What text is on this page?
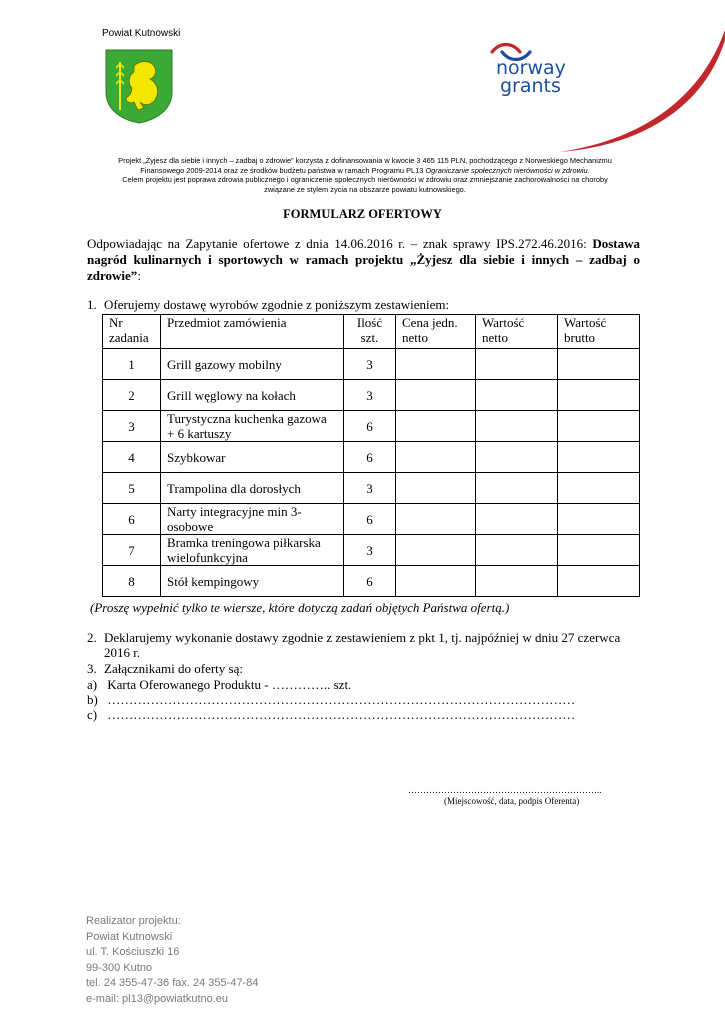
Powiat Kutnowski
norway
grants
Projekt „Żyjesz dla siebie i innych – zadbaj o zdrowie” korzysta z dofinansowania w kwocie 3 465 115 PLN, pochodzącego z Norweskiego Mechanizmu
Finansowego 2009-2014 oraz ze środków budżetu państwa w ramach Programu PL13 Ograniczanie społecznych nierówności w zdrowiu.
Celem projektu jest poprawa zdrowia publicznego i ograniczenie społecznych nierówności w zdrowiu oraz zmniejszanie zachorowalności na choroby
związane ze stylem życia na obszarze powiatu kutnowskiego.
FORMULARZ OFERTOWY
Odpowiadając na Zapytanie ofertowe z dnia 14.06.2016 r. – znak sprawy IPS.272.46.2016: Dostawa nagród kulinarnych i sportowych w ramach projektu „Żyjesz dla siebie i innych – zadbaj o zdrowie”:
1. Oferujemy dostawę wyrobów zgodnie z poniższym zestawieniem:
Nr zadania	Przedmiot zamówienia	Ilość szt.	Cena jedn. netto	Wartość netto	Wartość brutto
1	Grill gazowy mobilny	3			
2	Grill węglowy na kołach	3			
3	Turystyczna kuchenka gazowa + 6 kartuszy	6			
4	Szybkowar	6			
5	Trampolina dla dorosłych	3			
6	Narty integracyjne min 3-osobowe	6			
7	Bramka treningowa piłkarska wielofunkcyjna	3			
8	Stół kempingowy	6			
(Proszę wypełnić tylko te wiersze, które dotyczą zadań objętych Państwa ofertą.)
2. Deklarujemy wykonanie dostawy zgodnie z zestawieniem z pkt 1, tj. najpóźniej w dniu 27 czerwca
2016 r.
3. Załącznikami do oferty są:
a) Karta Oferowanego Produktu - ………….. szt.
b) ………………………………………………………………………………………………
c) ………………………………………………………………………………………………
………………………………………………………..
(Miejscowość, data, podpis Oferenta)
Realizator projektu:
Powiat Kutnowski
ul. T. Kościuszki 16
99-300 Kutno
tel. 24 355-47-36 fax. 24 355-47-84
e-mail: pl13@powiatkutno.eu
